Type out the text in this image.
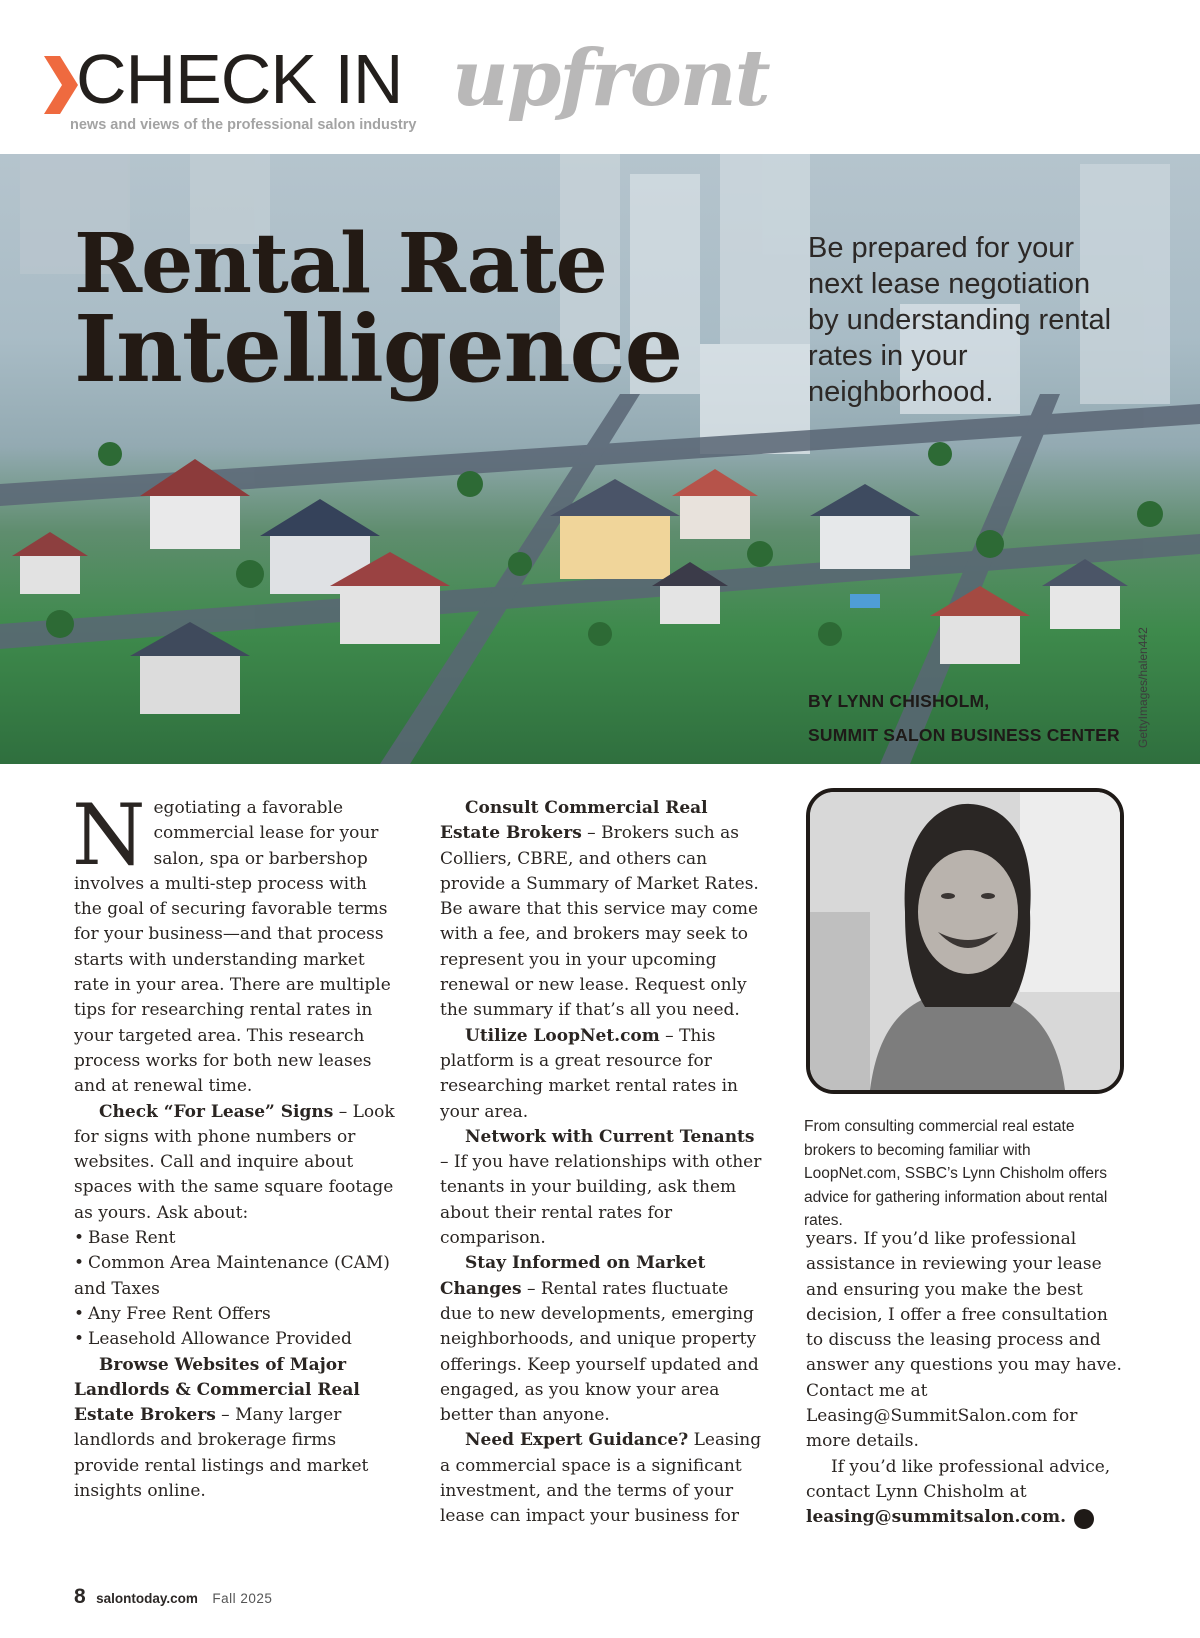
CHECK IN upfront
news and views of the professional salon industry
Rental Rate
Intelligence
Be prepared for your next lease negotiation by understanding rental rates in your neighborhood.
BY LYNN CHISHOLM,
SUMMIT SALON BUSINESS CENTER GettyImages/halen442

Negotiating a favorable commercial lease for your salon, spa or barbershop involves a multi-step process with the goal of securing favorable terms for your business—and that process starts with understanding market rate in your area. There are multiple tips for researching rental rates in your targeted area. This research process works for both new leases and at renewal time.

Check “For Lease” Signs – Look for signs with phone numbers or websites. Call and inquire about spaces with the same square footage as yours. Ask about:

• Base Rent

• Common Area Maintenance (CAM) and Taxes

• Any Free Rent Offers

• Leasehold Allowance Provided

Browse Websites of Major Landlords & Commercial Real Estate Brokers – Many larger landlords and brokerage firms provide rental listings and market insights online.

Consult Commercial Real Estate Brokers – Brokers such as Colliers, CBRE, and others can provide a Summary of Market Rates. Be aware that this service may come with a fee, and brokers may seek to represent you in your upcoming renewal or new lease. Request only the summary if that’s all you need.

Utilize LoopNet.com – This platform is a great resource for researching market rental rates in your area.

Network with Current Tenants – If you have relationships with other tenants in your building, ask them about their rental rates for comparison.

Stay Informed on Market Changes – Rental rates fluctuate due to new developments, emerging neighborhoods, and unique property offerings. Keep yourself updated and engaged, as you know your area better than anyone.

Need Expert Guidance? Leasing a commercial space is a significant investment, and the terms of your lease can impact your business for

From consulting commercial real estate brokers to becoming familiar with LoopNet.com, SSBC’s Lynn Chisholm offers advice for gathering information about rental rates.

years. If you’d like professional assistance in reviewing your lease and ensuring you make the best decision, I offer a free consultation to discuss the leasing process and answer any questions you may have. Contact me at Leasing@SummitSalon.com for more details.

If you’d like professional advice, contact Lynn Chisholm at leasing@summitsalon.com.	st

8 salontoday.com Fall 2025
